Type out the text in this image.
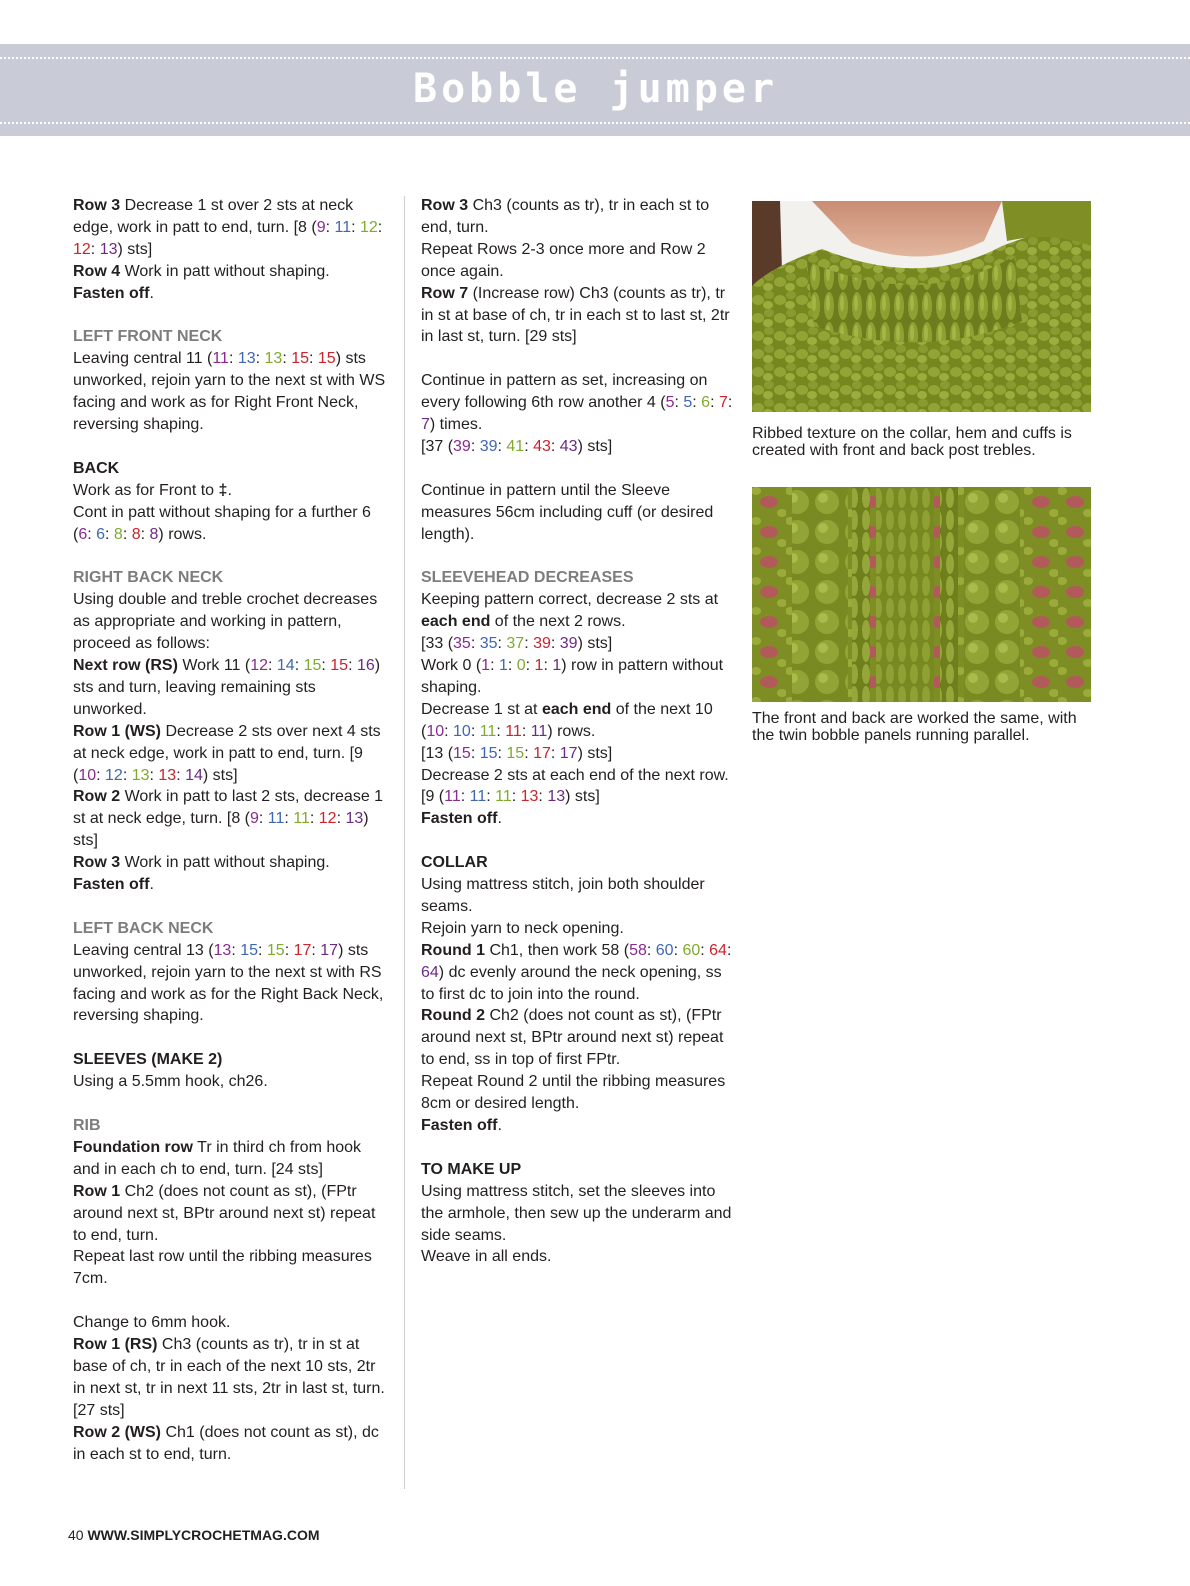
Bobble jumper

Row 3 Decrease 1 st over 2 sts at neck edge, work in patt to end, turn. [8 (9: 11: 12: 12: 13) sts]

Row 4 Work in patt without shaping.

Fasten off.

LEFT FRONT NECK

Leaving central 11 (11: 13: 13: 15: 15) sts unworked, rejoin yarn to the next st with WS facing and work as for Right Front Neck, reversing shaping.

BACK

Work as for Front to ‡.

Cont in patt without shaping for a further 6 (6: 6: 8: 8: 8) rows.

RIGHT BACK NECK

Using double and treble crochet decreases as appropriate and working in pattern, proceed as follows:

Next row (RS) Work 11 (12: 14: 15: 15: 16) sts and turn, leaving remaining sts unworked.

Row 1 (WS) Decrease 2 sts over next 4 sts at neck edge, work in patt to end, turn. [9 (10: 12: 13: 13: 14) sts]

Row 2 Work in patt to last 2 sts, decrease 1 st at neck edge, turn. [8 (9: 11: 11: 12: 13) sts]

Row 3 Work in patt without shaping.

Fasten off.

LEFT BACK NECK

Leaving central 13 (13: 15: 15: 17: 17) sts unworked, rejoin yarn to the next st with RS facing and work as for the Right Back Neck, reversing shaping.

SLEEVES (MAKE 2)

Using a 5.5mm hook, ch26.

RIB

Foundation row Tr in third ch from hook and in each ch to end, turn. [24 sts]

Row 1 Ch2 (does not count as st), (FPtr around next st, BPtr around next st) repeat to end, turn.

Repeat last row until the ribbing measures 7cm.

Change to 6mm hook.

Row 1 (RS) Ch3 (counts as tr), tr in st at base of ch, tr in each of the next 10 sts, 2tr in next st, tr in next 11 sts, 2tr in last st, turn. [27 sts]

Row 2 (WS) Ch1 (does not count as st), dc in each st to end, turn.

Row 3 Ch3 (counts as tr), tr in each st to end, turn.

Repeat Rows 2-3 once more and Row 2 once again.

Row 7 (Increase row) Ch3 (counts as tr), tr in st at base of ch, tr in each st to last st, 2tr in last st, turn. [29 sts]

Continue in pattern as set, increasing on every following 6th row another 4 (5: 5: 6: 7: 7) times.

[37 (39: 39: 41: 43: 43) sts]

Continue in pattern until the Sleeve measures 56cm including cuff (or desired length).

SLEEVEHEAD DECREASES

Keeping pattern correct, decrease 2 sts at each end of the next 2 rows.

[33 (35: 35: 37: 39: 39) sts]

Work 0 (1: 1: 0: 1: 1) row in pattern without shaping.

Decrease 1 st at each end of the next 10 (10: 10: 11: 11: 11) rows.

[13 (15: 15: 15: 17: 17) sts]

Decrease 2 sts at each end of the next row. [9 (11: 11: 11: 13: 13) sts]

Fasten off.

COLLAR

Using mattress stitch, join both shoulder seams.

Rejoin yarn to neck opening.

Round 1 Ch1, then work 58 (58: 60: 60: 64: 64) dc evenly around the neck opening, ss to first dc to join into the round.

Round 2 Ch2 (does not count as st), (FPtr around next st, BPtr around next st) repeat to end, ss in top of first FPtr.

Repeat Round 2 until the ribbing measures 8cm or desired length.

Fasten off.

TO MAKE UP

Using mattress stitch, set the sleeves into the armhole, then sew up the underarm and side seams.

Weave in all ends.

Ribbed texture on the collar, hem and cuffs is created with front and back post trebles.
The front and back are worked the same, with the twin bobble panels running parallel.
40 WWW.SIMPLYCROCHETMAG.COM
